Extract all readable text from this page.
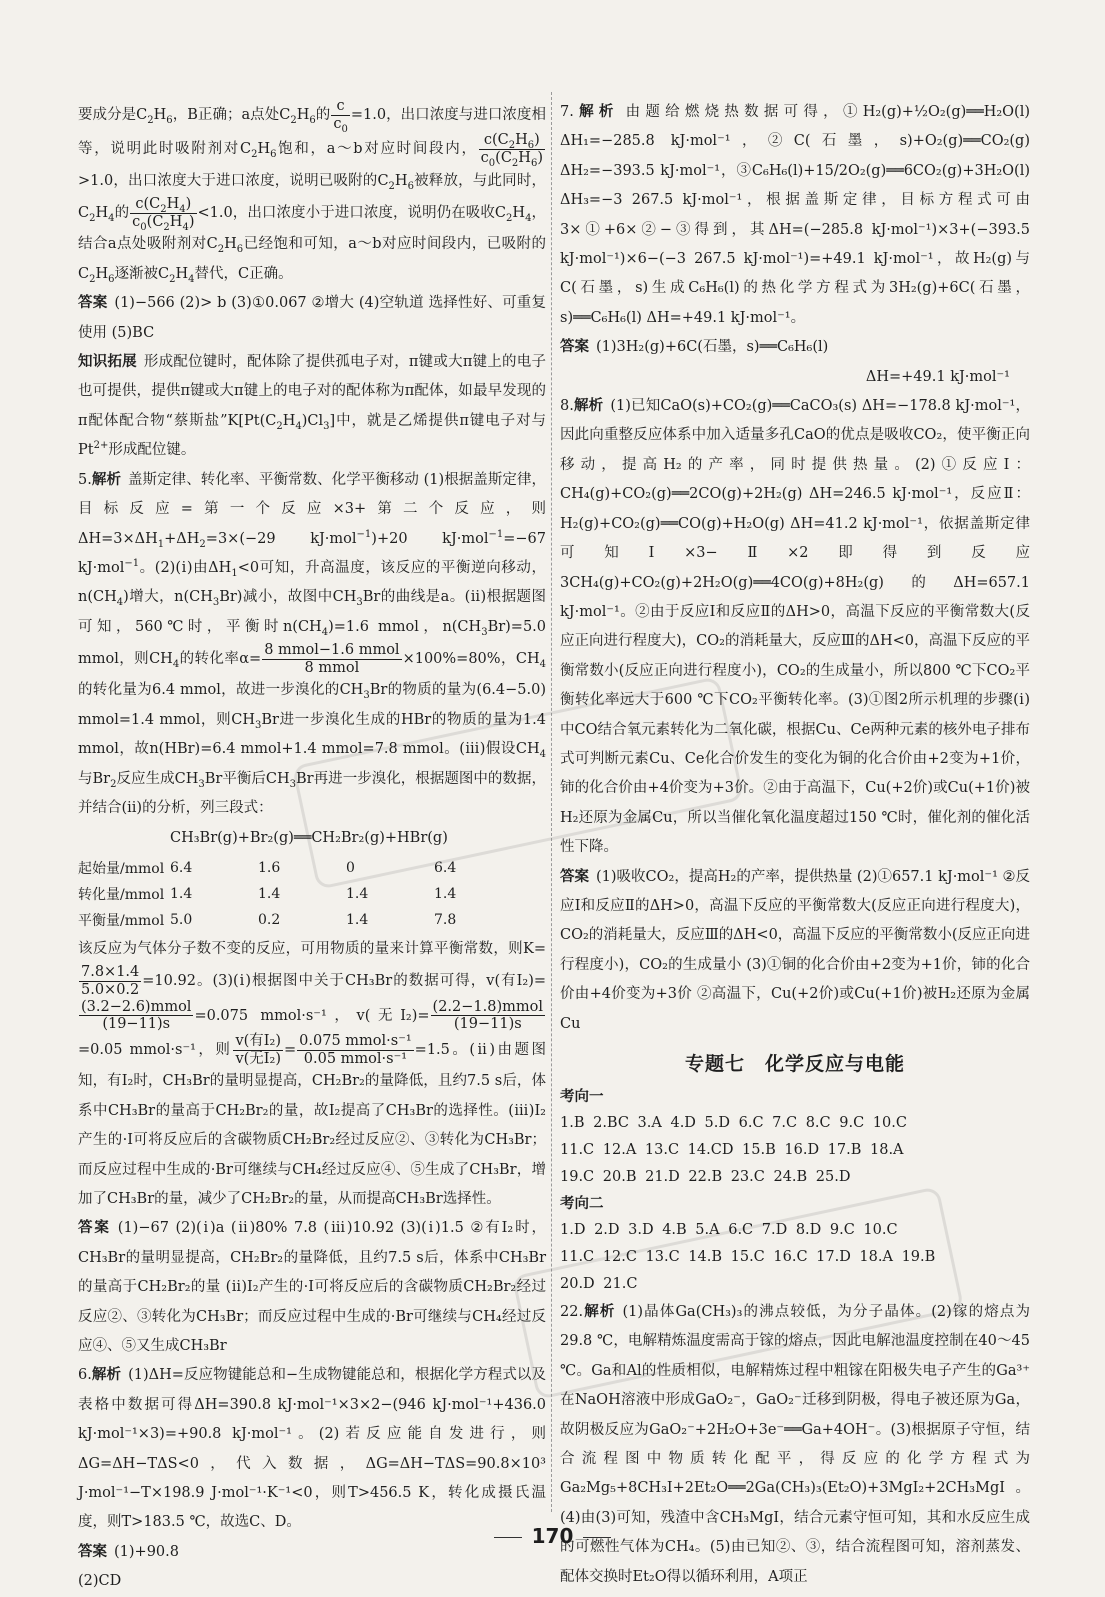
要成分是$C_2H_6$，B正确；a点处$C_2H_6$的 $\frac{c}{c_0} =1.0$，出口浓度与进口浓度相等，说明此时吸附剂对$C_2H_6$饱和，a～b对应时间段内， $\frac{c(C_2H_6)}{c_0(C_2H_6)}$
>1.0，出口浓度大于进口浓度，说明已吸附的$C_2H_6$被释放，与此同时，$C_2H_4$的 $\frac{c(C_2H_4)}{c_0(C_2H_4)} <1.0$，出口浓度小于进口浓度，说明仍在吸收$C_2H_4$，结合a点处吸附剂对$C_2H_6$已经饱和可知，a～b对应时间段内，已吸附的$C_2H_6$逐渐被$C_2H_4$替代，C正确。

答案 (1)−566 (2)> b (3)①0.067 ②增大 (4)空轨道 选择性好、可重复使用 (5)BC

知识拓展 形成配位键时，配体除了提供孤电子对，π键或大π键上的电子也可提供，提供π键或大π键上的电子对的配体称为π配体，如最早发现的π配体配合物“蔡斯盐$”K[Pt(C_2H_4)Cl_3]$中，就是乙烯提供π键电子对与$Pt^{2+}$形成配位键。

5.解析 盖斯定律、转化率、平衡常数、化学平衡移动 (1)根据盖斯定律，目标反应=第一个反应×3+第二个反应，则$\Delta H=3\times\Delta H_1+\Delta H_2=3\times(-29$ kJ·mol$^{-1}$)+20 kJ·mol$^{-1}$=−67 kJ·mol$^{-1}$。(2)(ⅰ)由$\Delta H_1<0$可知，升高温度，该反应的平衡逆向移动，$n(CH_4)$增大，$n(CH_3Br)$减小，故图中$CH_3Br$的曲线是a。(ⅱ)根据题图可知，560℃时，平衡时$n(CH_4)=1.6$ mmol，$n(CH_3Br)=5.0$ mmol，则$CH_4$的转化率$\alpha= \frac{\text{8 mmol−1.6 mmol}}{\text{8 mmol}} \times 100\%=80\%$，$CH_4$的转化量为6.4 mmol，故进一步溴化的$CH_3Br$的物质的量为(6.4−5.0) mmol=1.4 mmol，则$CH_3Br$进一步溴化生成的HBr的物质的量为1.4 mmol，故n(HBr)=6.4 mmol+1.4 mmol=7.8 mmol。(ⅲ)假设$CH_4$与$Br_2$反应生成$CH_3Br$平衡后$CH_3Br$再进一步溴化，根据题图中的数据，并结合(ⅱ)的分析，列三段式：

CH₃Br(g)+Br₂(g)══CH₂Br₂(g)+HBr(g)
起始量/mmol	6.4	1.6	0	6.4
转化量/mmol	1.4	1.4	1.4	1.4
平衡量/mmol	5.0	0.2	1.4	7.8

该反应为气体分子数不变的反应，可用物质的量来计算平衡常数，则K=
$\frac{7.8\times 1.4}{5.0\times 0.2} =10.92$。(3)(ⅰ)根据图中关于CH₃Br的数据可得，v(有I₂)=
$\frac{\text{(3.2−2.6)mmol}}{(19-11)s} =0.075$ mmol·s⁻¹，v(无$I_2)= \frac{\text{(2.2−1.8)mmol}}{(19-11)s}$
=0.05 mmol·s⁻¹，则 $\frac{\text{v(有I₂)}}{\text{v(无I₂)}} = \frac{\text{0.075 mmol·s⁻¹}}{\text{0.05 mmol·s⁻¹}} =1.5$。(ⅱ)由题图知，有I₂时，CH₃Br的量明显提高，CH₂Br₂的量降低，且约7.5 s后，体系中CH₃Br的量高于CH₂Br₂的量，故I₂提高了CH₃Br的选择性。(ⅲ)I₂产生的·I可将反应后的含碳物质CH₂Br₂经过反应②、③转化为CH₃Br；而反应过程中生成的·Br可继续与CH₄经过反应④、⑤生成了CH₃Br，增加了CH₃Br的量，减少了CH₂Br₂的量，从而提高CH₃Br选择性。

答案 (1)−67 (2)(ⅰ)a (ⅱ)80% 7.8 (ⅲ)10.92 (3)(ⅰ)1.5 ②有I₂时，CH₃Br的量明显提高，CH₂Br₂的量降低，且约7.5 s后，体系中CH₃Br的量高于CH₂Br₂的量 (ⅱ)I₂产生的·I可将反应后的含碳物质CH₂Br₂经过反应②、③转化为CH₃Br；而反应过程中生成的·Br可继续与CH₄经过反应④、⑤又生成CH₃Br

6.解析 (1)ΔH=反应物键能总和−生成物键能总和，根据化学方程式以及表格中数据可得ΔH=390.8 kJ·mol⁻¹×3×2−(946 kJ·mol⁻¹+436.0 kJ·mol⁻¹×3)=+90.8 kJ·mol⁻¹。(2)若反应能自发进行，则ΔG=ΔH−TΔS<0，代入数据，ΔG=ΔH−TΔS=90.8×10³ J·mol⁻¹−T×198.9 J·mol⁻¹·K⁻¹<0，则T>456.5 K，转化成摄氏温度，则T>183.5 ℃，故选C、D。

答案 (1)+90.8

(2)CD

7.解析 由题给燃烧热数据可得，①H₂(g)+½O₂(g)══H₂O(l) ΔH₁=−285.8 kJ·mol⁻¹，②C(石墨，s)+O₂(g)══CO₂(g) ΔH₂=−393.5 kJ·mol⁻¹，③C₆H₆(l)+15/2O₂(g)══6CO₂(g)+3H₂O(l) ΔH₃=−3 267.5 kJ·mol⁻¹，根据盖斯定律，目标方程式可由3×①+6×②−③得到，其ΔH=(−285.8 kJ·mol⁻¹)×3+(−393.5 kJ·mol⁻¹)×6−(−3 267.5 kJ·mol⁻¹)=+49.1 kJ·mol⁻¹，故H₂(g)与C(石墨，s)生成C₆H₆(l)的热化学方程式为3H₂(g)+6C(石墨，s)══C₆H₆(l) ΔH=+49.1 kJ·mol⁻¹。

答案 (1)3H₂(g)+6C(石墨，s)══C₆H₆(l)

ΔH=+49.1 kJ·mol⁻¹

8.解析 (1)已知CaO(s)+CO₂(g)══CaCO₃(s) ΔH=−178.8 kJ·mol⁻¹，因此向重整反应体系中加入适量多孔CaO的优点是吸收CO₂，使平衡正向移动，提高H₂的产率，同时提供热量。(2)①反应Ⅰ：CH₄(g)+CO₂(g)══2CO(g)+2H₂(g) ΔH=246.5 kJ·mol⁻¹，反应Ⅱ：H₂(g)+CO₂(g)══CO(g)+H₂O(g) ΔH=41.2 kJ·mol⁻¹，依据盖斯定律可知Ⅰ×3−Ⅱ×2即得到反应3CH₄(g)+CO₂(g)+2H₂O(g)══4CO(g)+8H₂(g)的ΔH=657.1 kJ·mol⁻¹。②由于反应Ⅰ和反应Ⅱ的ΔH>0，高温下反应的平衡常数大(反应正向进行程度大)，CO₂的消耗量大，反应Ⅲ的ΔH<0，高温下反应的平衡常数小(反应正向进行程度小)，CO₂的生成量小，所以800 ℃下CO₂平衡转化率远大于600 ℃下CO₂平衡转化率。(3)①图2所示机理的步骤(ⅰ)中CO结合氧元素转化为二氧化碳，根据Cu、Ce两种元素的核外电子排布式可判断元素Cu、Ce化合价发生的变化为铜的化合价由+2变为+1价，铈的化合价由+4价变为+3价。②由于高温下，Cu(+2价)或Cu(+1价)被H₂还原为金属Cu，所以当催化氧化温度超过150 ℃时，催化剂的催化活性下降。

答案 (1)吸收CO₂，提高H₂的产率，提供热量 (2)①657.1 kJ·mol⁻¹ ②反应Ⅰ和反应Ⅱ的ΔH>0，高温下反应的平衡常数大(反应正向进行程度大)，CO₂的消耗量大，反应Ⅲ的ΔH<0，高温下反应的平衡常数小(反应正向进行程度小)，CO₂的生成量小 (3)①铜的化合价由+2变为+1价，铈的化合价由+4价变为+3价 ②高温下，Cu(+2价)或Cu(+1价)被H₂还原为金属Cu

专题七　化学反应与电能

考向一

1.B 2.BC 3.A 4.D 5.D 6.C 7.C 8.C 9.C 10.C

11.C 12.A 13.C 14.CD 15.B 16.D 17.B 18.A

19.C 20.B 21.D 22.B 23.C 24.B 25.D

考向二

1.D 2.D 3.D 4.B 5.A 6.C 7.D 8.D 9.C 10.C

11.C 12.C 13.C 14.B 15.C 16.C 17.D 18.A 19.B

20.D 21.C

22.解析 (1)晶体Ga(CH₃)₃的沸点较低，为分子晶体。(2)镓的熔点为29.8 ℃，电解精炼温度需高于镓的熔点，因此电解池温度控制在40～45 ℃。Ga和Al的性质相似，电解精炼过程中粗镓在阳极失电子产生的Ga³⁺在NaOH溶液中形成GaO₂⁻，GaO₂⁻迁移到阴极，得电子被还原为Ga，故阴极反应为GaO₂⁻+2H₂O+3e⁻══Ga+4OH⁻。(3)根据原子守恒，结合流程图中物质转化配平，得反应的化学方程式为Ga₂Mg₅+8CH₃I+2Et₂O══2Ga(CH₃)₃(Et₂O)+3MgI₂+2CH₃MgI。(4)由(3)可知，残渣中含CH₃MgI，结合元素守恒可知，其和水反应生成的可燃性气体为CH₄。(5)由已知②、③，结合流程图可知，溶剂蒸发、配体交换时Et₂O得以循环利用，A项正

170
